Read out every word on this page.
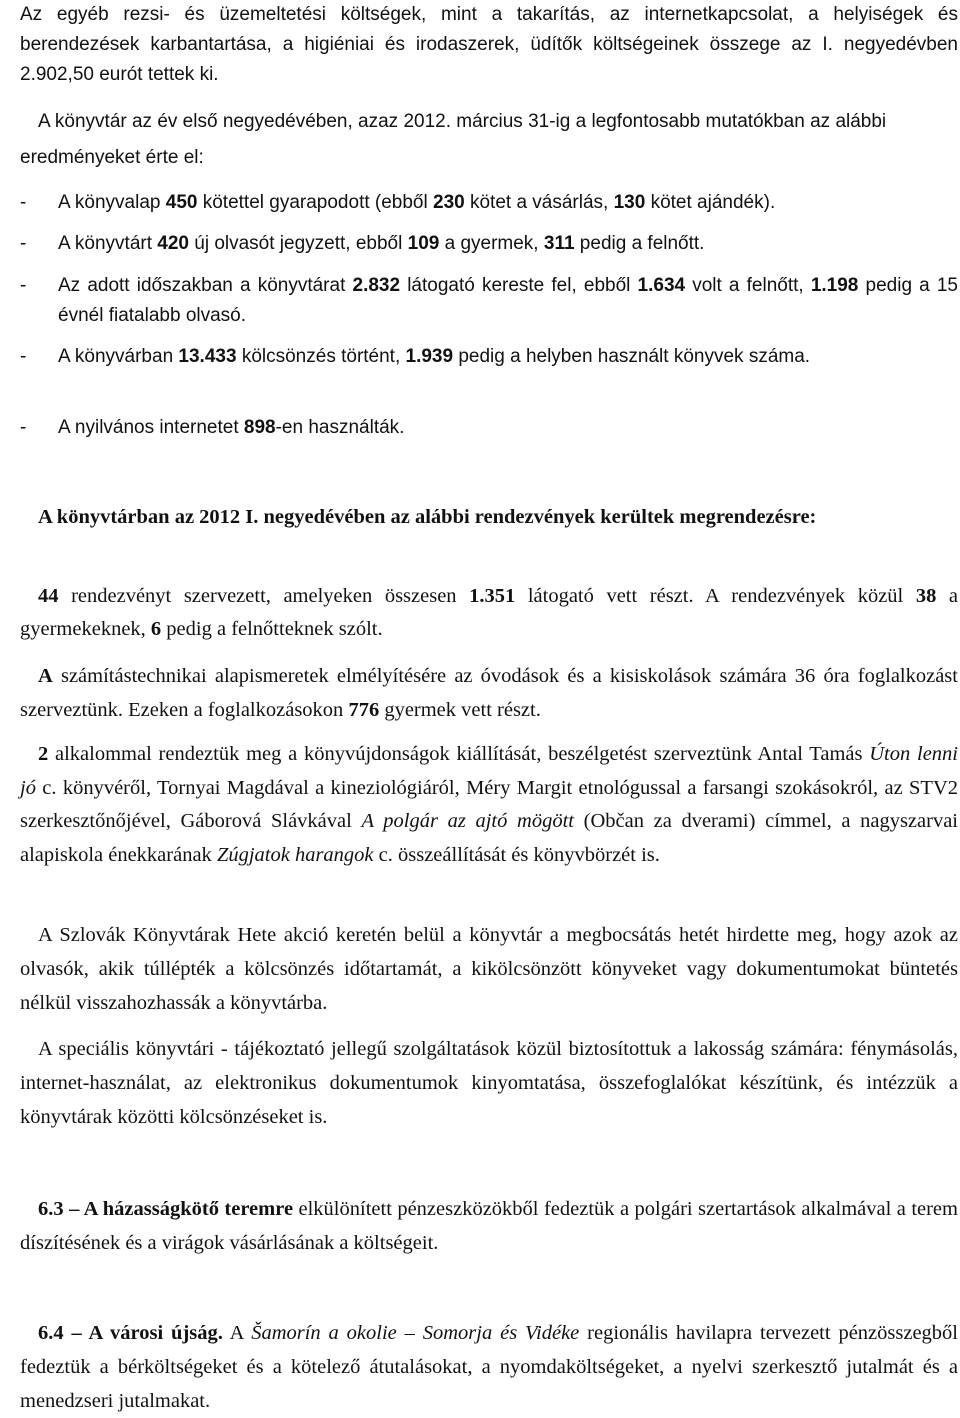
Az egyéb rezsi- és üzemeltetési költségek, mint a takarítás, az internetkapcsolat, a helyiségek és berendezések karbantartása, a higiéniai és irodaszerek, üdítők költségeinek összege az I. negyedévben 2.902,50 eurót tettek ki.

A könyvtár az év első negyedévében, azaz 2012. március 31-ig a legfontosabb mutatókban az alábbi eredményeket érte el:

- A könyvalap 450 kötettel gyarapodott (ebből 230 kötet a vásárlás, 130 kötet ajándék).
- A könyvtárt 420 új olvasót jegyzett, ebből 109 a gyermek, 311 pedig a felnőtt.
- Az adott időszakban a könyvtárat 2.832 látogató kereste fel, ebből 1.634 volt a felnőtt, 1.198 pedig a 15 évnél fiatalabb olvasó.
- A könyvárban 13.433 kölcsönzés történt, 1.939 pedig a helyben használt könyvek száma.
- A nyilvános internetet 898-en használták.

A könyvtárban az 2012 I. negyedévében az alábbi rendezvények kerültek megrendezésre:

44 rendezvényt szervezett, amelyeken összesen 1.351 látogató vett részt. A rendezvények közül 38 a gyermekeknek, 6 pedig a felnőtteknek szólt.

A számítástechnikai alapismeretek elmélyítésére az óvodások és a kisiskolások számára 36 óra foglalkozást szerveztünk. Ezeken a foglalkozásokon 776 gyermek vett részt.

2 alkalommal rendeztük meg a könyvújdonságok kiállítását, beszélgetést szerveztünk Antal Tamás Úton lenni jó c. könyvéről, Tornyai Magdával a kineziológiáról, Méry Margit etnológussal a farsangi szokásokról, az STV2 szerkesztőnőjével, Gáborová Slávkával A polgár az ajtó mögött (Občan za dverami) címmel, a nagyszarvai alapiskola énekkarának Zúgjatok harangok c. összeállítását és könyvbörzét is.

A Szlovák Könyvtárak Hete akció keretén belül a könyvtár a megbocsátás hetét hirdette meg, hogy azok az olvasók, akik túllépték a kölcsönzés időtartamát, a kikölcsönzött könyveket vagy dokumentumokat büntetés nélkül visszahozhassák a könyvtárba.

A speciális könyvtári - tájékoztató jellegű szolgáltatások közül biztosítottuk a lakosság számára: fénymásolás, internet-használat, az elektronikus dokumentumok kinyomtatása, összefoglalókat készítünk, és intézzük a könyvtárak közötti kölcsönzéseket is.

6.3 – A házasságkötő teremre elkülönített pénzeszközökből fedeztük a polgári szertartások alkalmával a terem díszítésének és a virágok vásárlásának a költségeit.

6.4 – A városi újság. A Šamorín a okolie – Somorja és Vidéke regionális havilapra tervezett pénzösszegből fedeztük a bérköltségeket és a kötelező átutalásokat, a nyomdaköltségeket, a nyelvi szerkesztő jutalmát és a menedzseri jutalmakat.
